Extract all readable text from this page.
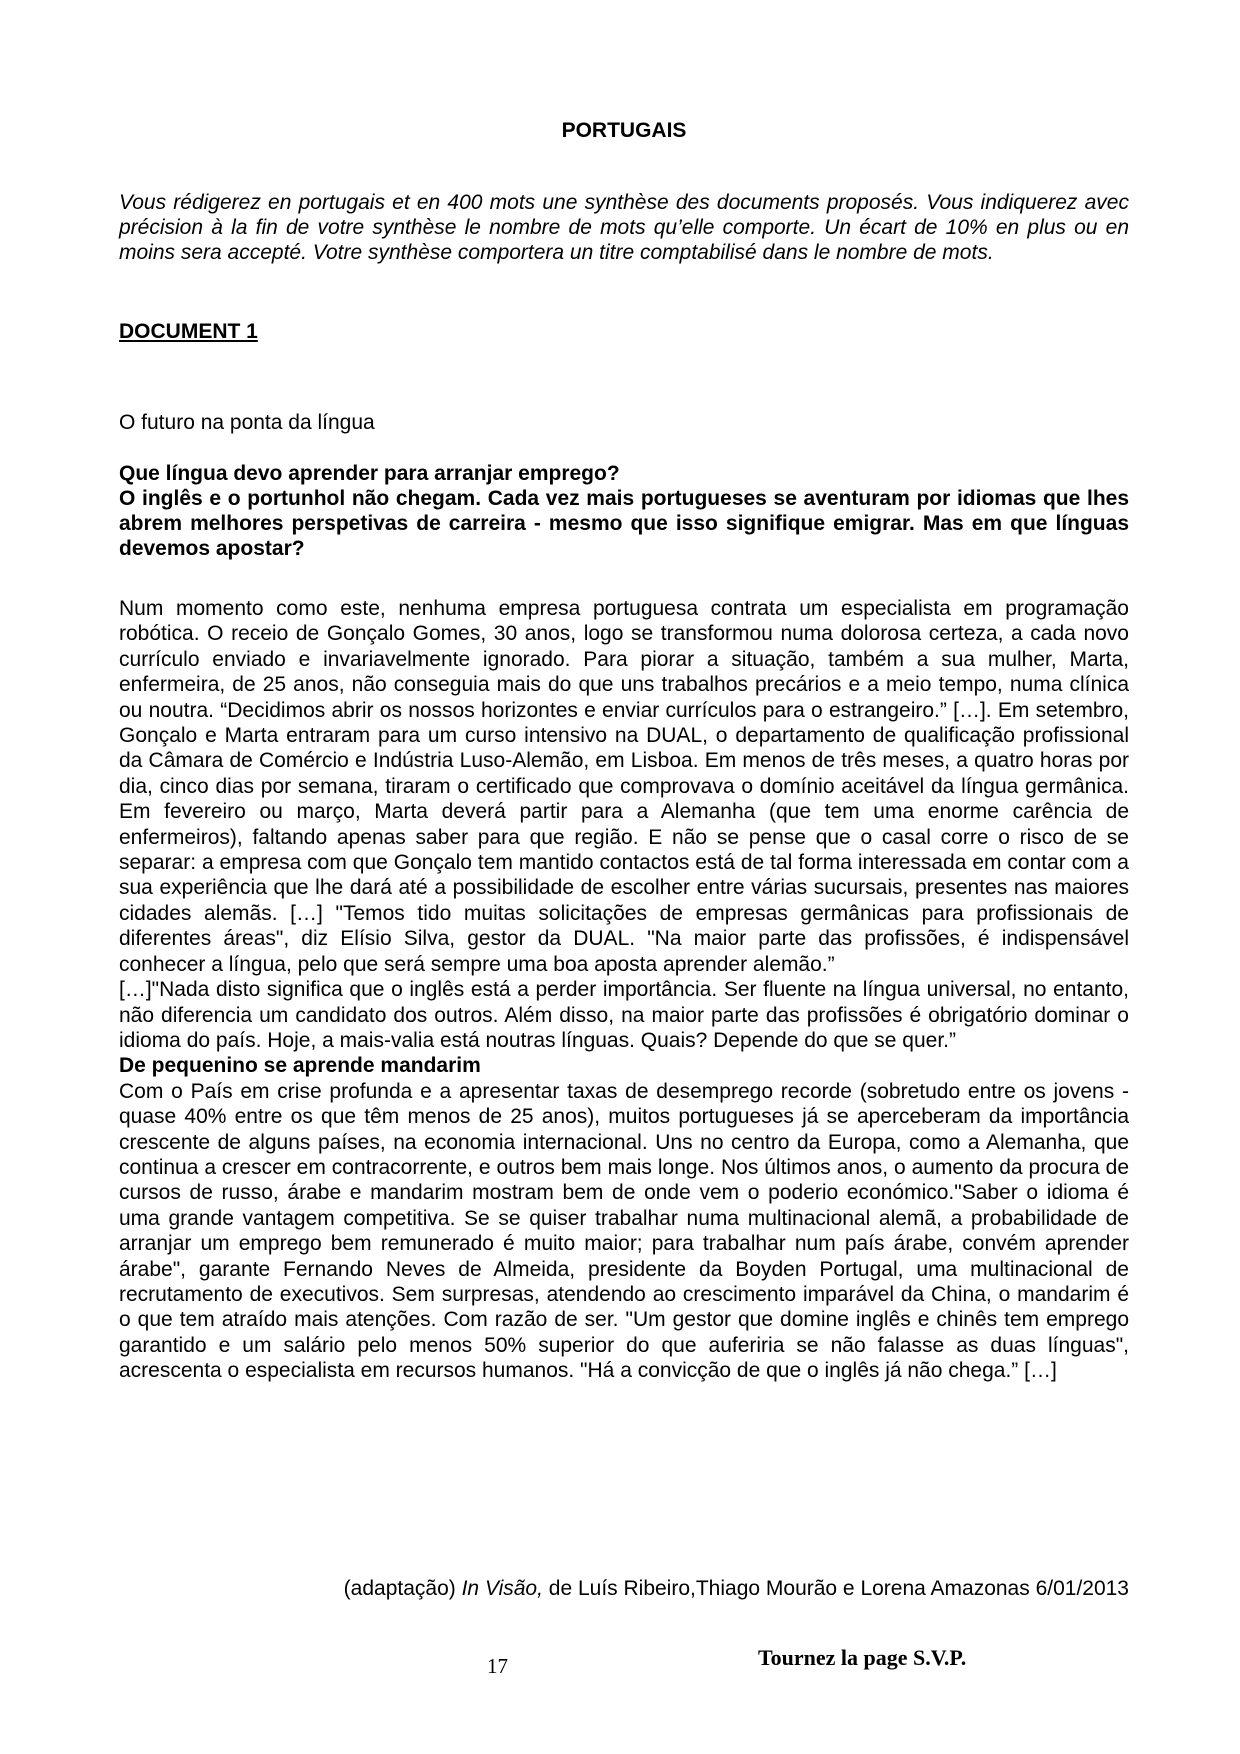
PORTUGAIS
Vous rédigerez en portugais et en 400 mots une synthèse des documents proposés. Vous indiquerez avec précision à la fin de votre synthèse le nombre de mots qu’elle comporte. Un écart de 10% en plus ou en moins sera accepté. Votre synthèse comportera un titre comptabilisé dans le nombre de mots.
DOCUMENT 1
O futuro na ponta da língua

Que língua devo aprender para arranjar emprego?

O inglês e o portunhol não chegam. Cada vez mais portugueses se aventuram por idiomas que lhes abrem melhores perspetivas de carreira - mesmo que isso signifique emigrar. Mas em que línguas devemos apostar?

Num momento como este, nenhuma empresa portuguesa contrata um especialista em programação robótica. O receio de Gonçalo Gomes, 30 anos, logo se transformou numa dolorosa certeza, a cada novo currículo enviado e invariavelmente ignorado. Para piorar a situação, também a sua mulher, Marta, enfermeira, de 25 anos, não conseguia mais do que uns trabalhos precários e a meio tempo, numa clínica ou noutra. “Decidimos abrir os nossos horizontes e enviar currículos para o estrangeiro.” […]. Em setembro, Gonçalo e Marta entraram para um curso intensivo na DUAL, o departamento de qualificação profissional da Câmara de Comércio e Indústria Luso-Alemão, em Lisboa. Em menos de três meses, a quatro horas por dia, cinco dias por semana, tiraram o certificado que comprovava o domínio aceitável da língua germânica. Em fevereiro ou março, Marta deverá partir para a Alemanha (que tem uma enorme carência de enfermeiros), faltando apenas saber para que região. E não se pense que o casal corre o risco de se separar: a empresa com que Gonçalo tem mantido contactos está de tal forma interessada em contar com a sua experiência que lhe dará até a possibilidade de escolher entre várias sucursais, presentes nas maiores cidades alemãs. […] "Temos tido muitas solicitações de empresas germânicas para profissionais de diferentes áreas", diz Elísio Silva, gestor da DUAL. "Na maior parte das profissões, é indispensável conhecer a língua, pelo que será sempre uma boa aposta aprender alemão.”

[…]"Nada disto significa que o inglês está a perder importância. Ser fluente na língua universal, no entanto, não diferencia um candidato dos outros. Além disso, na maior parte das profissões é obrigatório dominar o idioma do país. Hoje, a mais-valia está noutras línguas. Quais? Depende do que se quer.”

De pequenino se aprende mandarim

Com o País em crise profunda e a apresentar taxas de desemprego recorde (sobretudo entre os jovens - quase 40% entre os que têm menos de 25 anos), muitos portugueses já se aperceberam da importância crescente de alguns países, na economia internacional. Uns no centro da Europa, como a Alemanha, que continua a crescer em contracorrente, e outros bem mais longe. Nos últimos anos, o aumento da procura de cursos de russo, árabe e mandarim mostram bem de onde vem o poderio económico."Saber o idioma é uma grande vantagem competitiva. Se se quiser trabalhar numa multinacional alemã, a probabilidade de arranjar um emprego bem remunerado é muito maior; para trabalhar num país árabe, convém aprender árabe", garante Fernando Neves de Almeida, presidente da Boyden Portugal, uma multinacional de recrutamento de executivos. Sem surpresas, atendendo ao crescimento imparável da China, o mandarim é o que tem atraído mais atenções. Com razão de ser. "Um gestor que domine inglês e chinês tem emprego garantido e um salário pelo menos 50% superior do que auferiria se não falasse as duas línguas", acrescenta o especialista em recursos humanos. "Há a convicção de que o inglês já não chega.” […]

(adaptação) In Visão, de Luís Ribeiro,Thiago Mourão e Lorena Amazonas 6/01/2013
17	Tournez la page S.V.P.
